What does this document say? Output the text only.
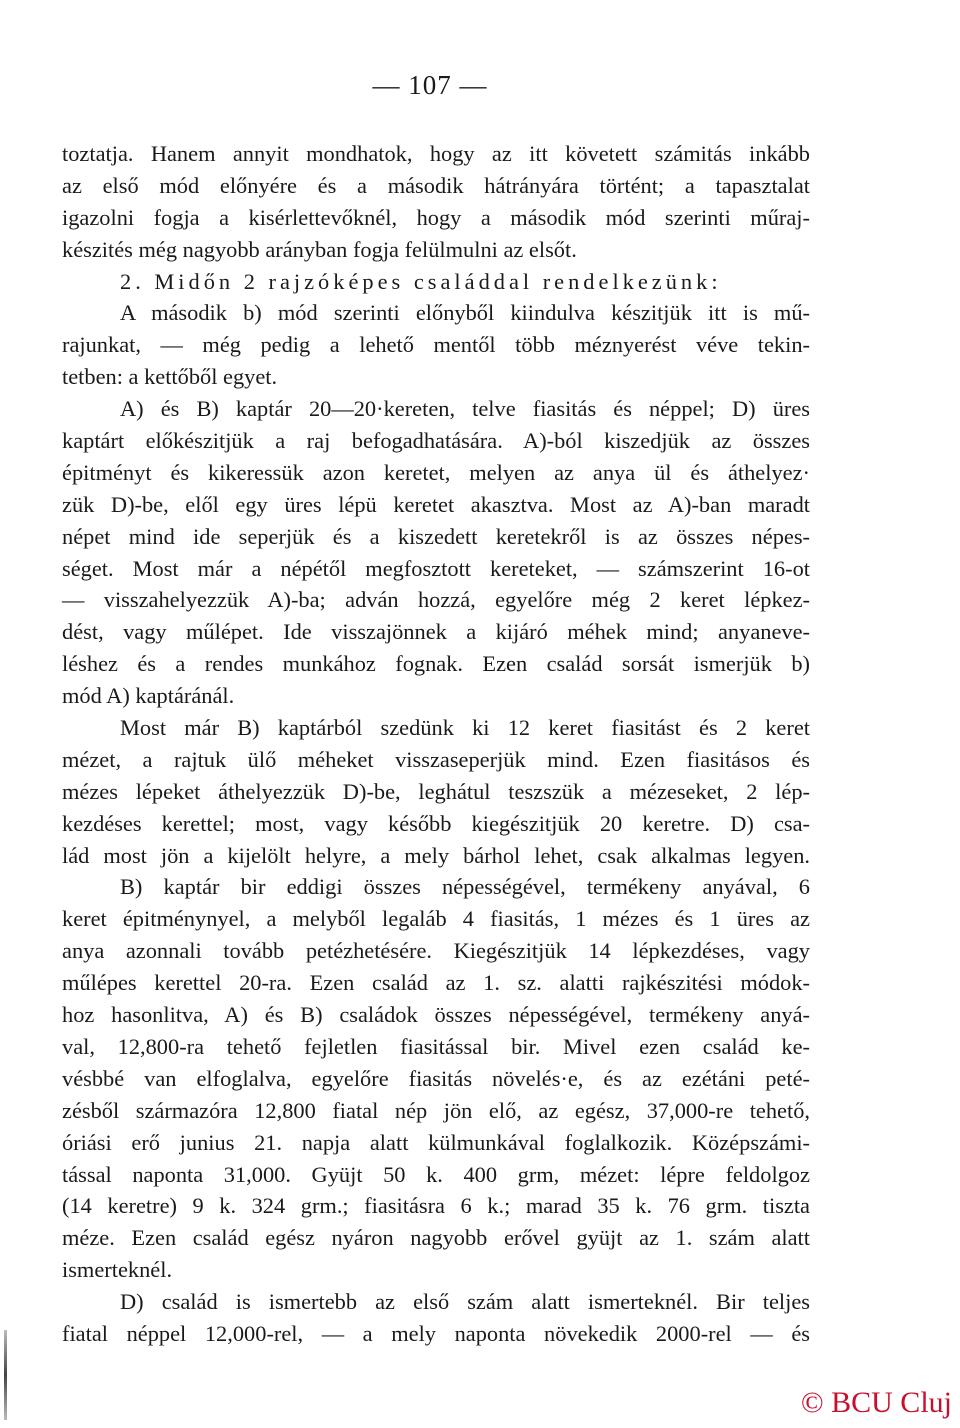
— 107 —
toztatja. Hanem annyit mondhatok, hogy az itt követett számitás inkább
az első mód előnyére és a második hátrányára történt; a tapasztalat
igazolni fogja a kisérlettevőknél, hogy a második mód szerinti műraj-
készités még nagyobb arányban fogja felülmulni az elsőt.
2. Midőn 2 rajzóképes családdal rendelkezünk:
A második b) mód szerinti előnyből kiindulva készitjük itt is mű-
rajunkat, — még pedig a lehető mentől több méznyerést véve tekin-
tetben: a kettőből egyet.
A) és B) kaptár 20—20·kereten, telve fiasitás és néppel; D) üres
kaptárt előkészitjük a raj befogadhatására. A)-ból kiszedjük az összes
épitményt és kikeressük azon keretet, melyen az anya ül és áthelyez·
zük D)-be, elől egy üres lépü keretet akasztva. Most az A)-ban maradt
népet mind ide seperjük és a kiszedett keretekről is az összes népes-
séget. Most már a népétől megfosztott kereteket, — számszerint 16-ot
— visszahelyezzük A)-ba; adván hozzá, egyelőre még 2 keret lépkez-
dést, vagy műlépet. Ide visszajönnek a kijáró méhek mind; anyaneve-
léshez és a rendes munkához fognak. Ezen család sorsát ismerjük b)
mód A) kaptáránál.
Most már B) kaptárból szedünk ki 12 keret fiasitást és 2 keret
mézet, a rajtuk ülő méheket visszaseperjük mind. Ezen fiasitásos és
mézes lépeket áthelyezzük D)-be, leghátul teszszük a mézeseket, 2 lép-
kezdéses kerettel; most, vagy később kiegészitjük 20 keretre. D) csa-
lád most jön a kijelölt helyre, a mely bárhol lehet, csak alkalmas legyen.
B) kaptár bir eddigi összes népességével, termékeny anyával, 6
keret épitménynyel, a melyből legaláb 4 fiasitás, 1 mézes és 1 üres az
anya azonnali tovább petézhetésére. Kiegészitjük 14 lépkezdéses, vagy
műlépes kerettel 20-ra. Ezen család az 1. sz. alatti rajkészitési módok-
hoz hasonlitva, A) és B) családok összes népességével, termékeny anyá-
val, 12,800-ra tehető fejletlen fiasitással bir. Mivel ezen család ke-
vésbbé van elfoglalva, egyelőre fiasitás növelés·e, és az ezétáni peté-
zésből származóra 12,800 fiatal nép jön elő, az egész, 37,000-re tehető,
óriási erő junius 21. napja alatt külmunkával foglalkozik. Középszámi-
tással naponta 31,000. Gyüjt 50 k. 400 grm, mézet: lépre feldolgoz
(14 keretre) 9 k. 324 grm.; fiasitásra 6 k.; marad 35 k. 76 grm. tiszta
méze. Ezen család egész nyáron nagyobb erővel gyüjt az 1. szám alatt
ismerteknél.
D) család is ismertebb az első szám alatt ismerteknél. Bir teljes
fiatal néppel 12,000-rel, — a mely naponta növekedik 2000-rel — és
© BCU Cluj
